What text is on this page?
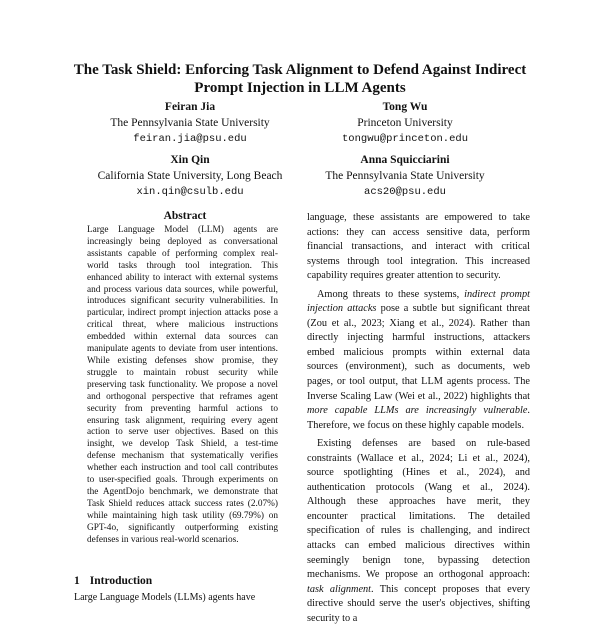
The Task Shield: Enforcing Task Alignment to Defend Against Indirect
Prompt Injection in LLM Agents
Feiran Jia
The Pennsylvania State University
feiran.jia@psu.edu
Tong Wu
Princeton University
tongwu@princeton.edu
Xin Qin
California State University, Long Beach
xin.qin@csulb.edu
Anna Squicciarini
The Pennsylvania State University
acs20@psu.edu
Abstract
Large Language Model (LLM) agents are increasingly being deployed as conversational assistants capable of performing complex real-world tasks through tool integration. This enhanced ability to interact with external systems and process various data sources, while powerful, introduces significant security vulnerabilities. In particular, indirect prompt injection attacks pose a critical threat, where malicious instructions embedded within external data sources can manipulate agents to deviate from user intentions. While existing defenses show promise, they struggle to maintain robust security while preserving task functionality. We propose a novel and orthogonal perspective that reframes agent security from preventing harmful actions to ensuring task alignment, requiring every agent action to serve user objectives. Based on this insight, we develop Task Shield, a test-time defense mechanism that systematically verifies whether each instruction and tool call contributes to user-specified goals. Through experiments on the AgentDojo benchmark, we demonstrate that Task Shield reduces attack success rates (2.07%) while maintaining high task utility (69.79%) on GPT-4o, significantly outperforming existing defenses in various real-world scenarios.
1 Introduction
Large Language Models (LLMs) agents have

language, these assistants are empowered to take actions: they can access sensitive data, perform financial transactions, and interact with critical systems through tool integration. This increased capability requires greater attention to security.

Among threats to these systems, indirect prompt injection attacks pose a subtle but significant threat (Zou et al., 2023; Xiang et al., 2024). Rather than directly injecting harmful instructions, attackers embed malicious prompts within external data sources (environment), such as documents, web pages, or tool output, that LLM agents process. The Inverse Scaling Law (Wei et al., 2022) highlights that more capable LLMs are increasingly vulnerable. Therefore, we focus on these highly capable models.

Existing defenses are based on rule-based constraints (Wallace et al., 2024; Li et al., 2024), source spotlighting (Hines et al., 2024), and authentication protocols (Wang et al., 2024). Although these approaches have merit, they encounter practical limitations. The detailed specification of rules is challenging, and indirect attacks can embed malicious directives within seemingly benign tone, bypassing detection mechanisms. We propose an orthogonal approach: task alignment. This concept proposes that every directive should serve the user's objectives, shifting security to a
